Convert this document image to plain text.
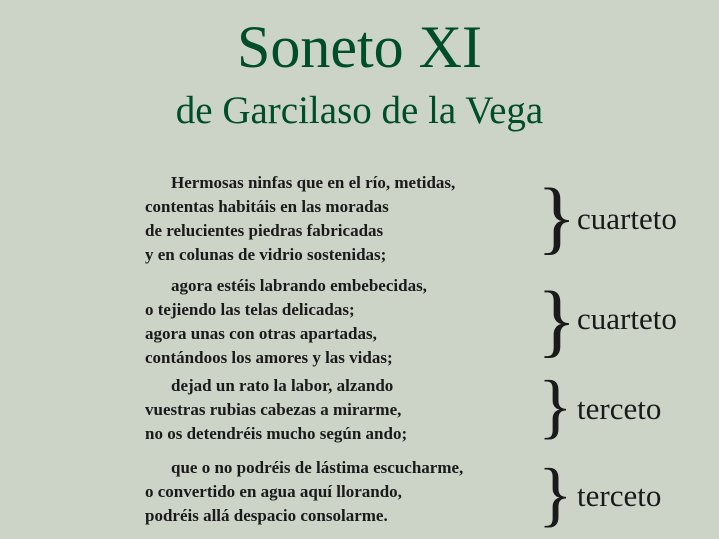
Soneto XI
de Garcilaso de la Vega
Hermosas ninfas que en el río, metidas,
contentas habitáis en las moradas
de relucientes piedras fabricadas
y en colunas de vidrio sostenidas;	} cuarteto
agora estéis labrando embebecidas,
o tejiendo las telas delicadas;
agora unas con otras apartadas,
contándoos los amores y las vidas;	} cuarteto
dejad un rato la labor, alzando
vuestras rubias cabezas a mirarme,
no os detendréis mucho según ando; } terceto
que o no podréis de lástima escucharme,
o convertido en agua aquí llorando,
podréis allá despacio consolarme.	} terceto
